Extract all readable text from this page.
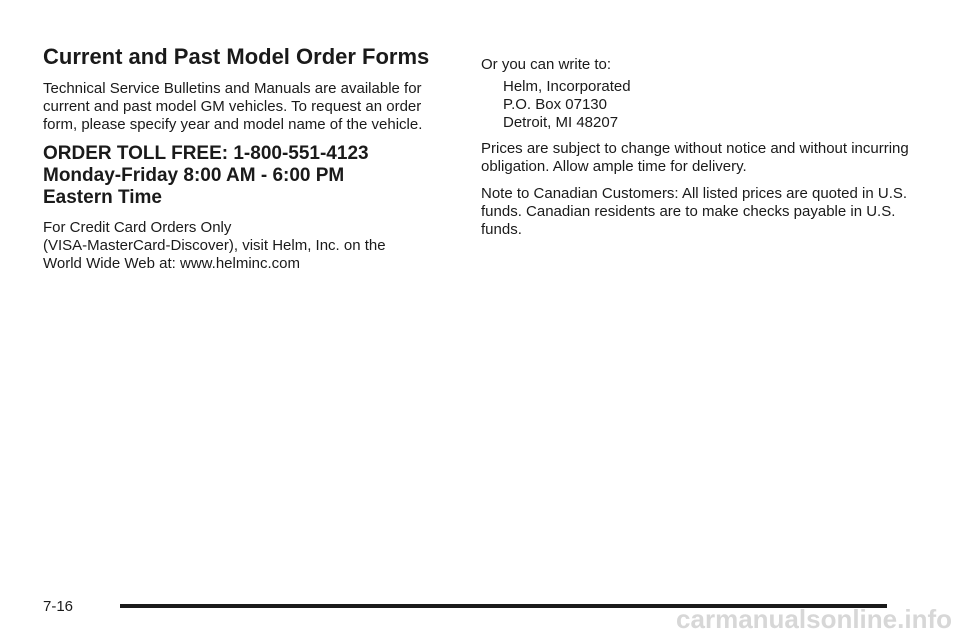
Current and Past Model Order Forms

Technical Service Bulletins and Manuals are available for current and past model GM vehicles. To request an order form, please specify year and model name of the vehicle.

ORDER TOLL FREE: 1-800-551-4123
Monday-Friday 8:00 AM - 6:00 PM
Eastern Time

For Credit Card Orders Only
(VISA-MasterCard-Discover), visit Helm, Inc. on the
World Wide Web at: www.helminc.com

Or you can write to:

Helm, Incorporated
P.O. Box 07130
Detroit, MI 48207

Prices are subject to change without notice and without incurring obligation. Allow ample time for delivery.

Note to Canadian Customers: All listed prices are quoted in U.S. funds. Canadian residents are to make checks payable in U.S. funds.

7-16	carmanualsonline.info
